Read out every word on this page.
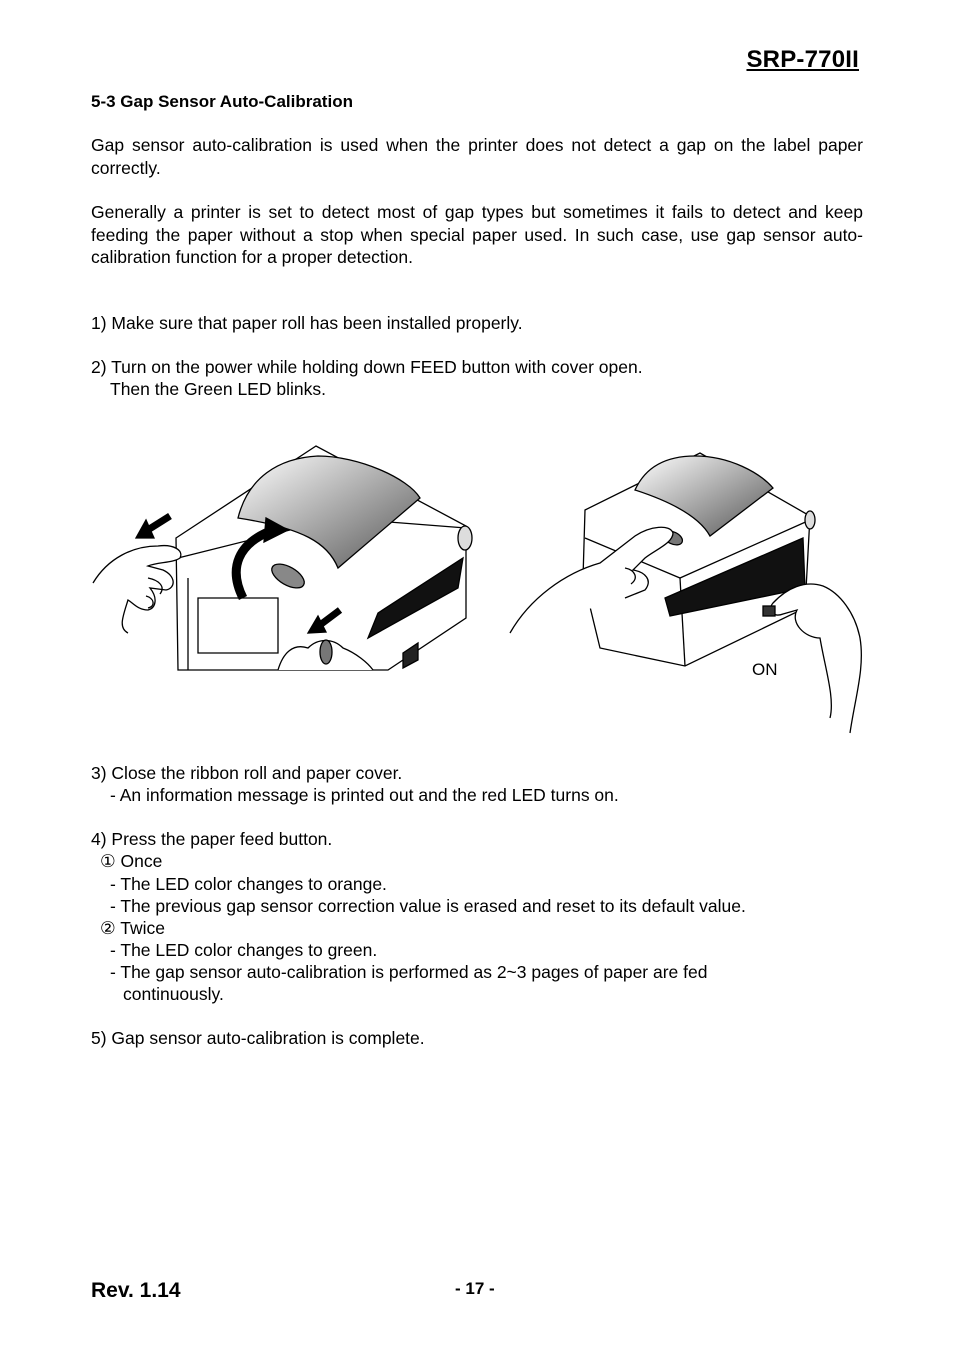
SRP-770II
5-3 Gap Sensor Auto-Calibration

Gap sensor auto-calibration is used when the printer does not detect a gap on the label paper correctly.

Generally a printer is set to detect most of gap types but sometimes it fails to detect and keep feeding the paper without a stop when special paper used. In such case, use gap sensor auto-calibration function for a proper detection.

1) Make sure that paper roll has been installed properly.

2) Turn on the power while holding down FEED button with cover open.

Then the Green LED blinks.

ON

3) Close the ribbon roll and paper cover.

- An information message is printed out and the red LED turns on.

4) Press the paper feed button.

① Once

- The LED color changes to orange.

- The previous gap sensor correction value is erased and reset to its default value.

② Twice

- The LED color changes to green.

- The gap sensor auto-calibration is performed as 2~3 pages of paper are fed

continuously.

5) Gap sensor auto-calibration is complete.

Rev. 1.14	- 17 -
